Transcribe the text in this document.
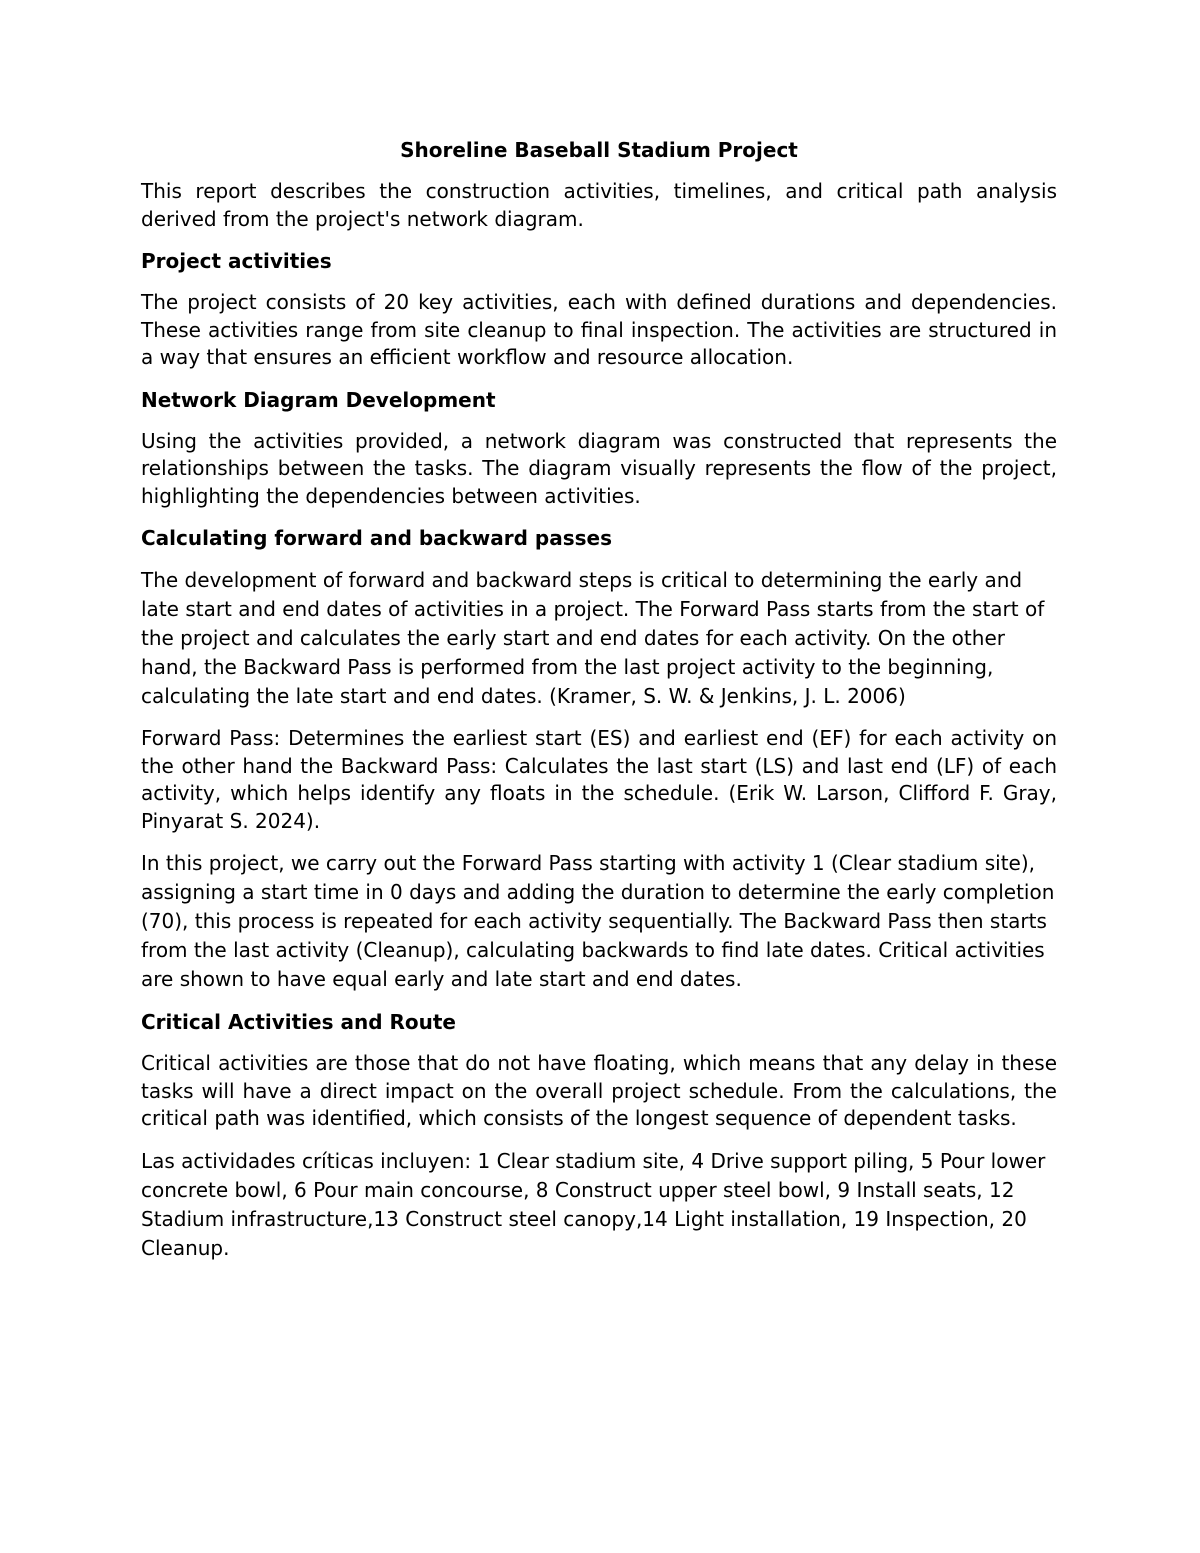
Shoreline Baseball Stadium Project

This report describes the construction activities, timelines, and critical path analysis derived from the project's network diagram.

Project activities

The project consists of 20 key activities, each with defined durations and dependencies. These activities range from site cleanup to final inspection. The activities are structured in a way that ensures an efficient workflow and resource allocation.

Network Diagram Development

Using the activities provided, a network diagram was constructed that represents the relationships between the tasks. The diagram visually represents the flow of the project, highlighting the dependencies between activities.

Calculating forward and backward passes

The development of forward and backward steps is critical to determining the early and late start and end dates of activities in a project. The Forward Pass starts from the start of the project and calculates the early start and end dates for each activity. On the other hand, the Backward Pass is performed from the last project activity to the beginning, calculating the late start and end dates. (Kramer, S. W. & Jenkins, J. L. 2006)

Forward Pass: Determines the earliest start (ES) and earliest end (EF) for each activity on the other hand the Backward Pass: Calculates the last start (LS) and last end (LF) of each activity, which helps identify any floats in the schedule. (Erik W. Larson, Clifford F. Gray, Pinyarat S. 2024).

In this project, we carry out the Forward Pass starting with activity 1 (Clear stadium site), assigning a start time in 0 days and adding the duration to determine the early completion (70), this process is repeated for each activity sequentially. The Backward Pass then starts from the last activity (Cleanup), calculating backwards to find late dates. Critical activities are shown to have equal early and late start and end dates.

Critical Activities and Route

Critical activities are those that do not have floating, which means that any delay in these tasks will have a direct impact on the overall project schedule. From the calculations, the critical path was identified, which consists of the longest sequence of dependent tasks.

Las actividades críticas incluyen: 1 Clear stadium site, 4 Drive support piling, 5 Pour lower concrete bowl, 6 Pour main concourse, 8 Construct upper steel bowl, 9 Install seats, 12 Stadium infrastructure,13 Construct steel canopy,14 Light installation, 19 Inspection, 20 Cleanup.
